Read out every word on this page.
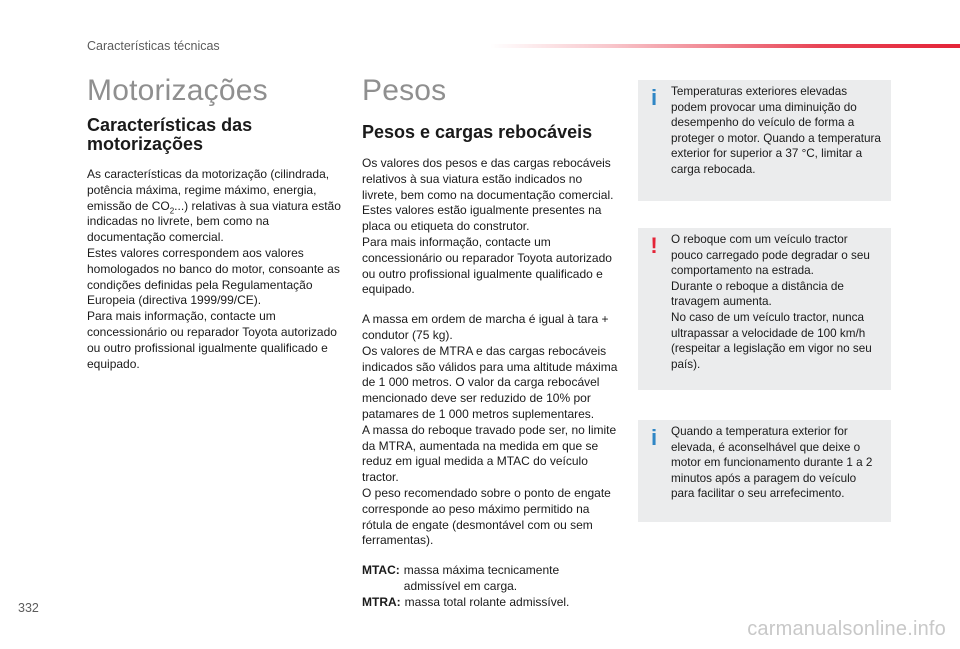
Características técnicas
Motorizações
Características das motorizações

As características da motorização (cilindrada, potência máxima, regime máximo, energia, emissão de $CO_2$...) relativas à sua viatura estão indicadas no livrete, bem como na documentação comercial.
Estes valores correspondem aos valores homologados no banco do motor, consoante as condições definidas pela Regulamentação Europeia (directiva 1999/99/CE).
Para mais informação, contacte um concessionário ou reparador Toyota autorizado ou outro profissional igualmente qualificado e equipado.

Pesos
Pesos e cargas rebocáveis

Os valores dos pesos e das cargas rebocáveis relativos à sua viatura estão indicados no livrete, bem como na documentação comercial.
Estes valores estão igualmente presentes na placa ou etiqueta do construtor.
Para mais informação, contacte um concessionário ou reparador Toyota autorizado ou outro profissional igualmente qualificado e equipado.

A massa em ordem de marcha é igual à tara + condutor (75 kg).
Os valores de MTRA e das cargas rebocáveis indicados são válidos para uma altitude máxima de 1 000 metros. O valor da carga rebocável mencionado deve ser reduzido de 10% por patamares de 1 000 metros suplementares.
A massa do reboque travado pode ser, no limite da MTRA, aumentada na medida em que se reduz em igual medida a MTAC do veículo tractor.
O peso recomendado sobre o ponto de engate corresponde ao peso máximo permitido na rótula de engate (desmontável com ou sem ferramentas).

MTAC: massa máxima tecnicamente admissível em carga.
MTRA: massa total rolante admissível.
i Temperaturas exteriores elevadas podem provocar uma diminuição do desempenho do veículo de forma a proteger o motor. Quando a temperatura exterior for superior a 37 °C, limitar a carga rebocada.

! O reboque com um veículo tractor pouco carregado pode degradar o seu comportamento na estrada.
Durante o reboque a distância de travagem aumenta.
No caso de um veículo tractor, nunca ultrapassar a velocidade de 100 km/h (respeitar a legislação em vigor no seu país).

i Quando a temperatura exterior for elevada, é aconselhável que deixe o motor em funcionamento durante 1 a 2 minutos após a paragem do veículo para facilitar o seu arrefecimento.

332
carmanualsonline.info
